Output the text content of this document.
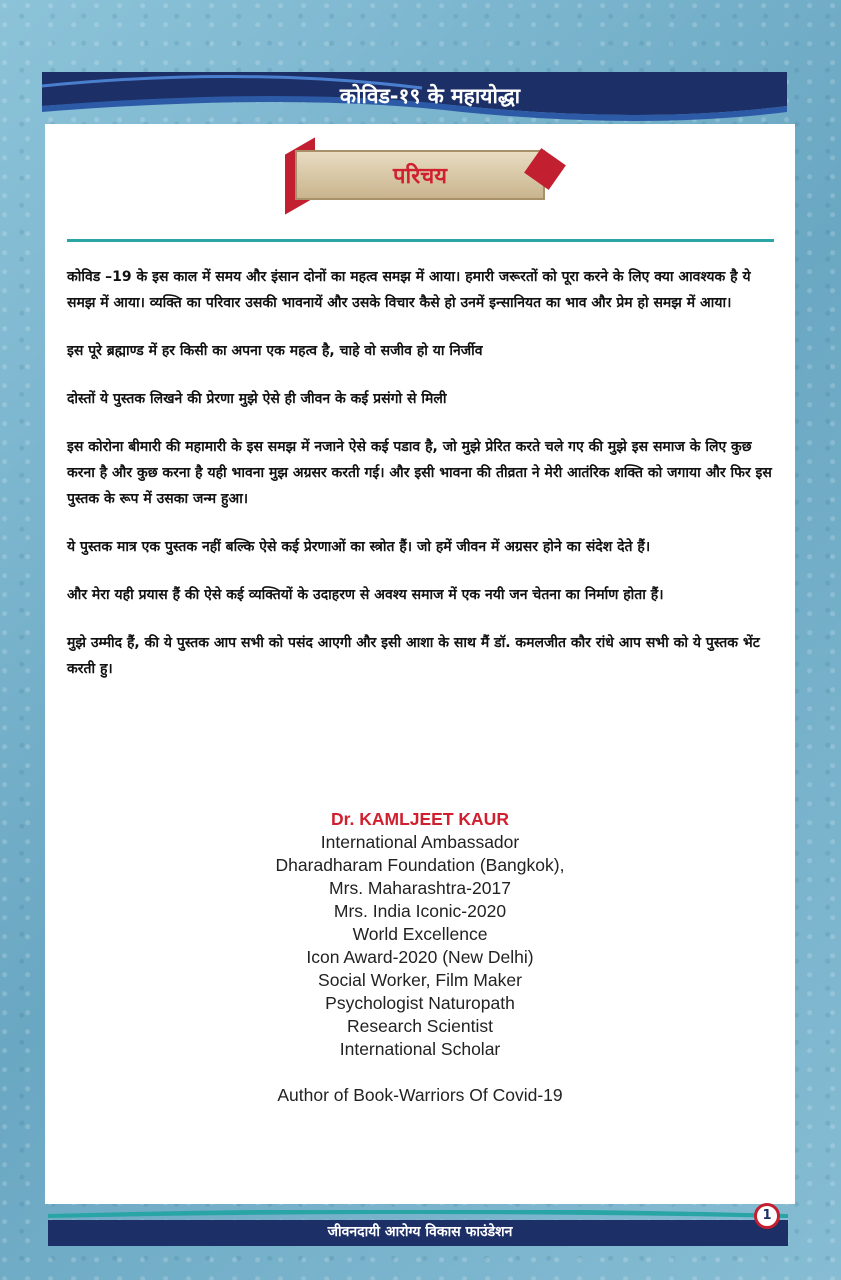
कोविड-१९ के महायोद्धा	साल २०२०
परिचय

कोविड –19 के इस काल में समय और इंसान दोनों का महत्व समझ में आया। हमारी जरूरतों को पूरा करने के लिए क्या आवश्यक है ये समझ में आया। व्यक्ति का परिवार उसकी भावनायें और उसके विचार कैसे हो उनमें इन्सानियत का भाव और प्रेम हो समझ में आया।

इस पूरे ब्रह्माण्ड में हर किसी का अपना एक महत्व है, चाहे वो सजीव हो या निर्जीव

दोस्तों ये पुस्तक लिखने की प्रेरणा मुझे ऐसे ही जीवन के कई प्रसंगो से मिली

इस कोरोना बीमारी की महामारी के इस समझ में नजाने ऐसे कई पडाव है, जो मुझे प्रेरित करते चले गए की मुझे इस समाज के लिए कुछ करना है और कुछ करना है यही भावना मुझ अग्रसर करती गई। और इसी भावना की तीव्रता ने मेरी आतंरिक शक्ति को जगाया और फिर इस पुस्तक के रूप में उसका जन्म हुआ।

ये पुस्तक मात्र एक पुस्तक नहीं बल्कि ऐसे कई प्रेरणाओं का स्त्रोत हैं। जो हमें जीवन में अग्रसर होने का संदेश देते हैं।

और मेरा यही प्रयास हैं की ऐसे कई व्यक्तियों के उदाहरण से अवश्य समाज में एक नयी जन चेतना का निर्माण होता हैं।

मुझे उम्मीद हैं, की ये पुस्तक आप सभी को पसंद आएगी और इसी आशा के साथ मैं डॉ. कमलजीत कौर रांधे आप सभी को ये पुस्तक भेंट करती हु।

Dr. KAMLJEET KAUR
International Ambassador
Dharadharam Foundation (Bangkok),
Mrs. Maharashtra-2017
Mrs. India Iconic-2020
World Excellence
Icon Award-2020 (New Delhi)
Social Worker, Film Maker
Psychologist Naturopath
Research Scientist
International Scholar
Author of Book-Warriors Of Covid-19
जीवनदायी आरोग्य विकास फाउंडेशन
1
